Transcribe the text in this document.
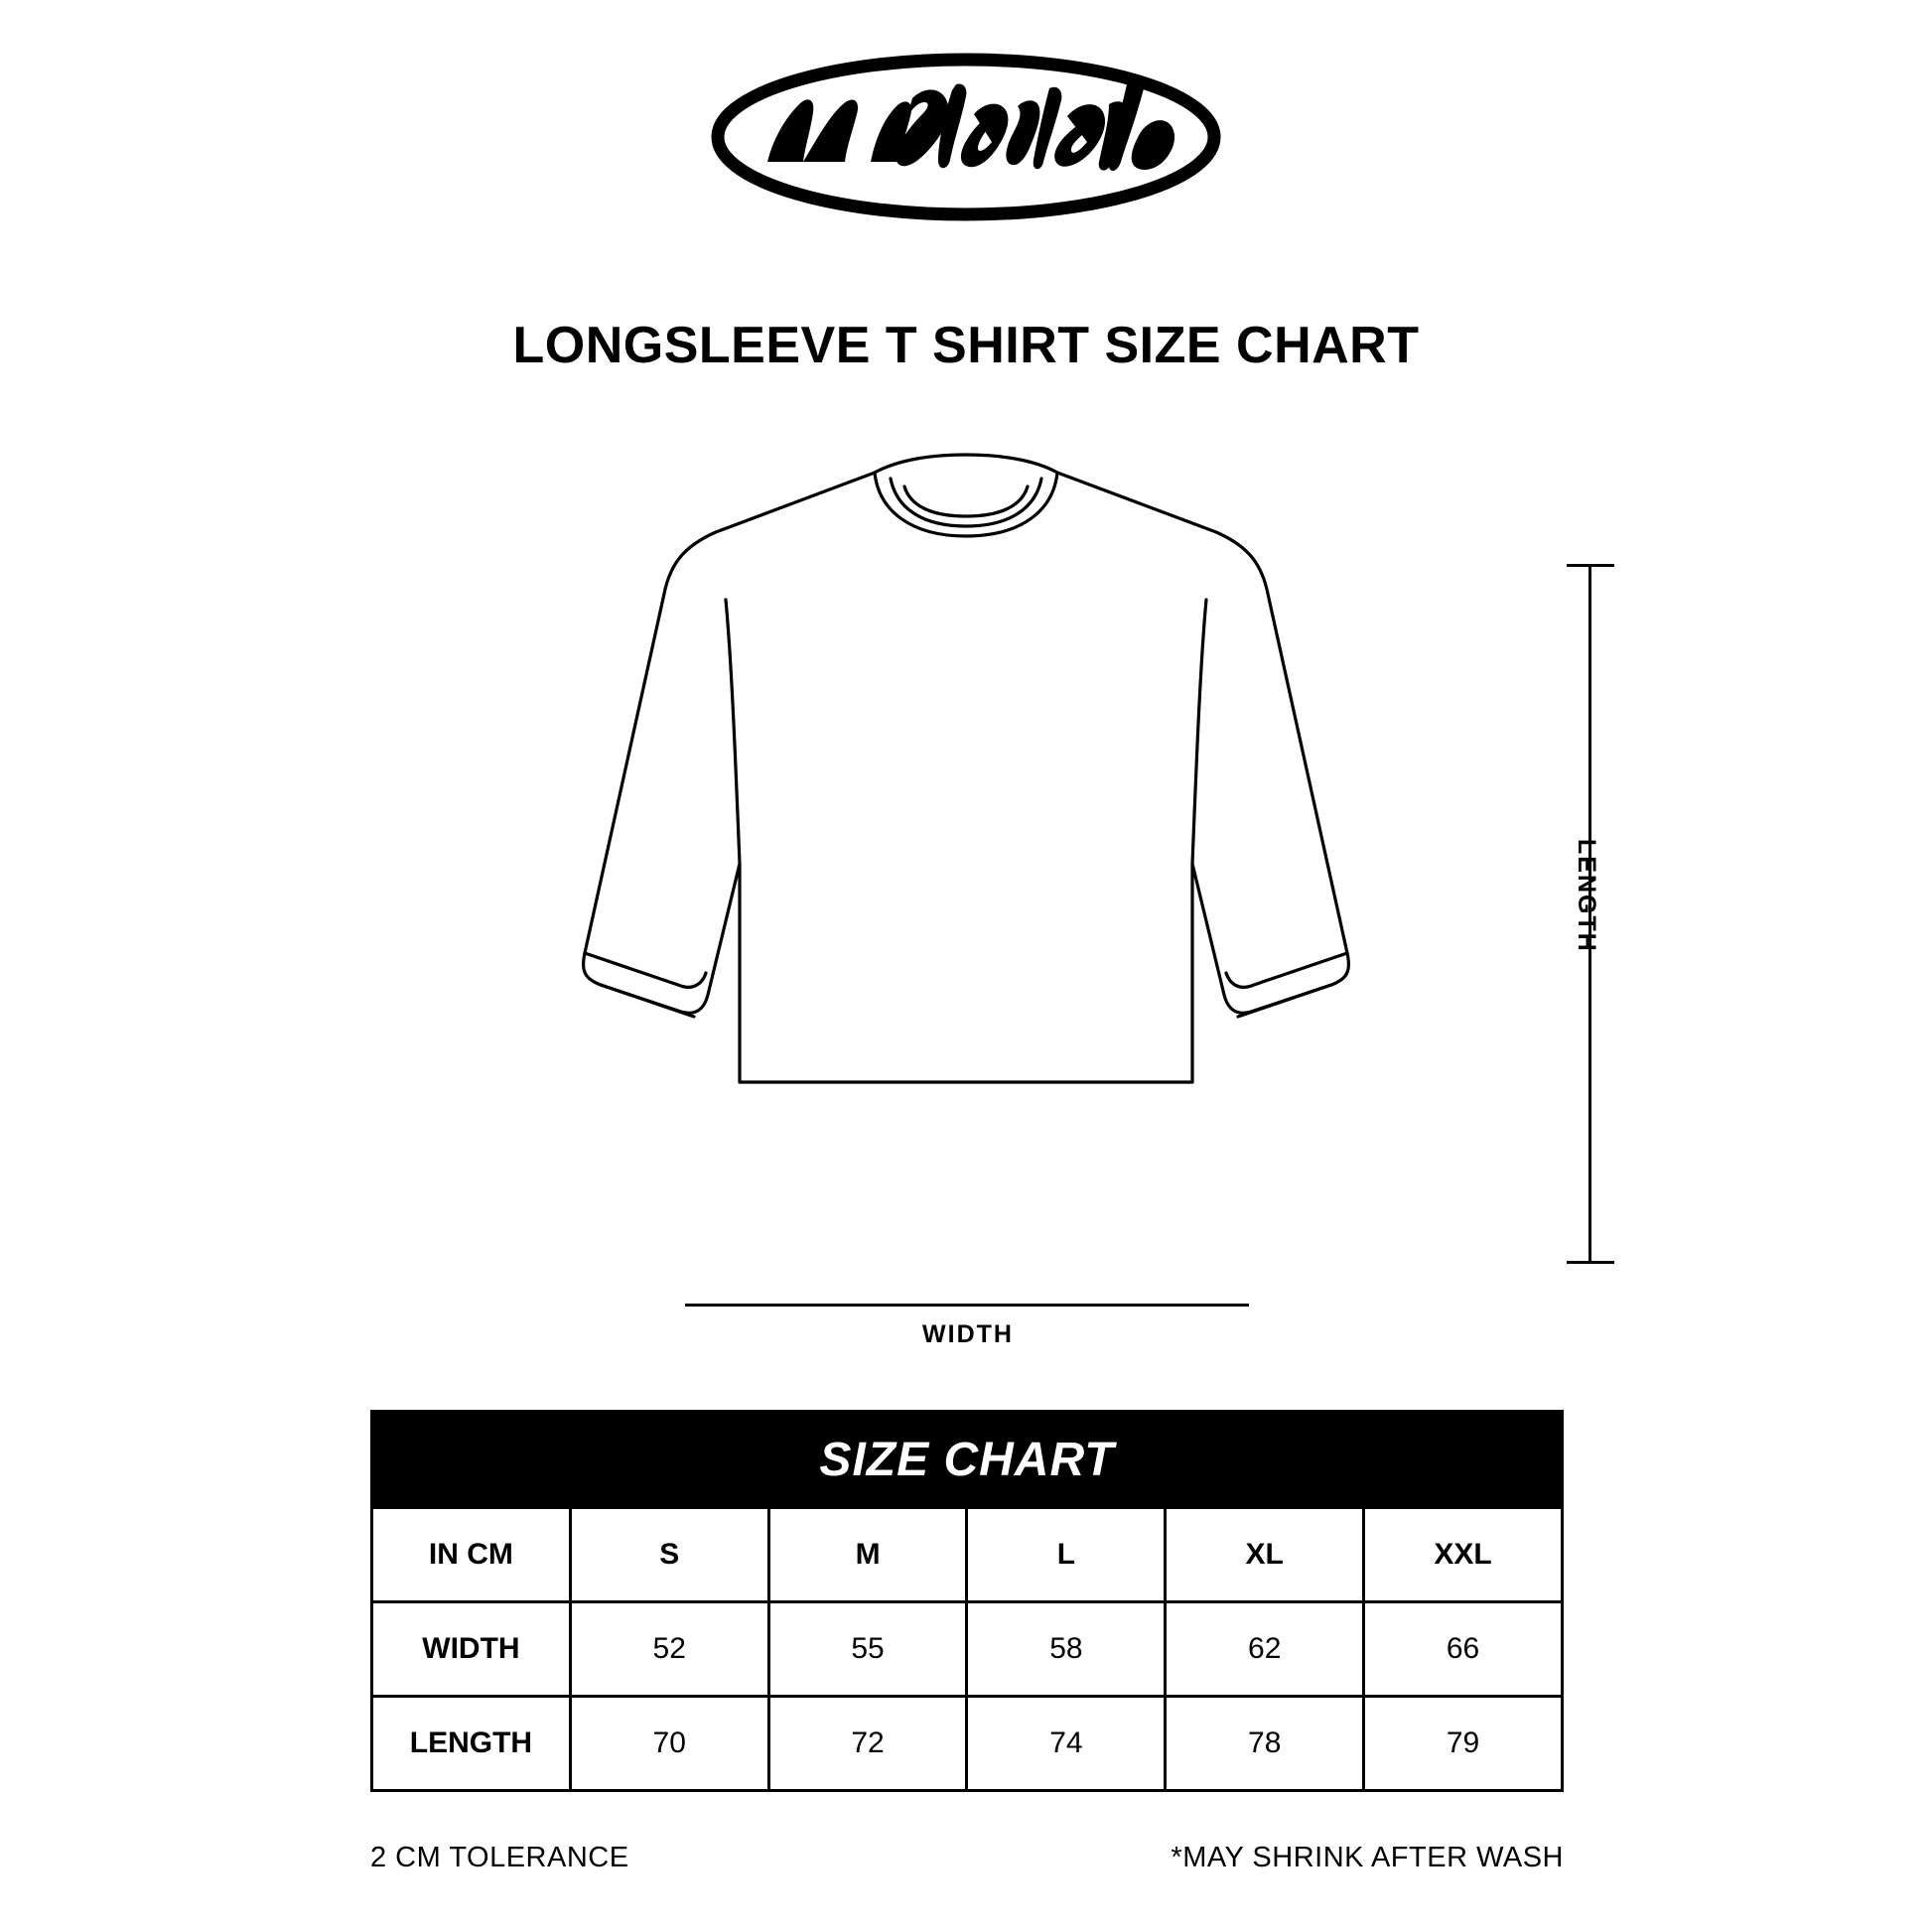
LONGSLEEVE T SHIRT SIZE CHART
LENGTH
WIDTH
SIZE CHART					
IN CM	S	M	L	XL	XXL
WIDTH	52	55	58	62	66
LENGTH	70	72	74	78	79
2 CM TOLERANCE	*MAY SHRINK AFTER WASH
